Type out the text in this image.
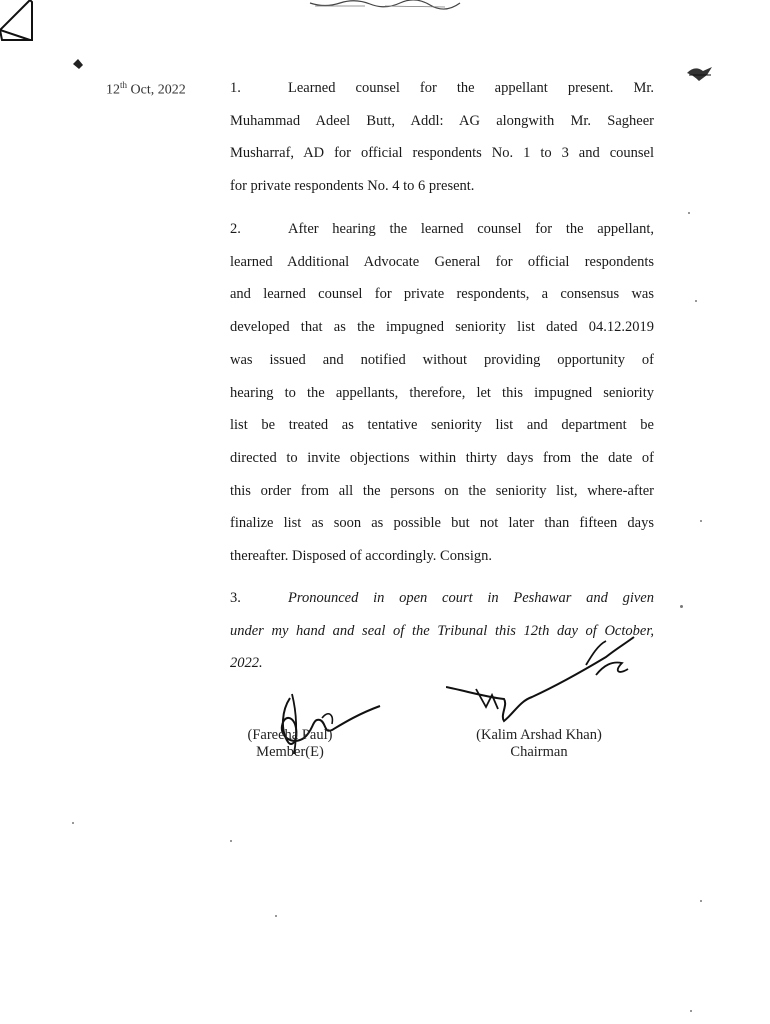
12th Oct, 2022	1.	Learned counsel for the appellant present. Mr.
Muhammad Adeel Butt, Addl: AG alongwith Mr. Sagheer
Musharraf, AD for official respondents No. 1 to 3 and counsel
for private respondents No. 4 to 6 present.
2.	After hearing the learned counsel for the appellant,
learned Additional Advocate General for official respondents
and learned counsel for private respondents, a consensus was
developed that as the impugned seniority list dated 04.12.2019
was issued and notified without providing opportunity of
hearing to the appellants, therefore, let this impugned seniority
list be treated as tentative seniority list and department be
directed to invite objections within thirty days from the date of
this order from all the persons on the seniority list, where-after
finalize list as soon as possible but not later than fifteen days
thereafter. Disposed of accordingly. Consign.
3.	Pronounced in open court in Peshawar and given
under my hand and seal of the Tribunal this 12th day of October,
2022.
(Fareeha Paul)
Member(E)
(Kalim Arshad Khan)
Chairman
